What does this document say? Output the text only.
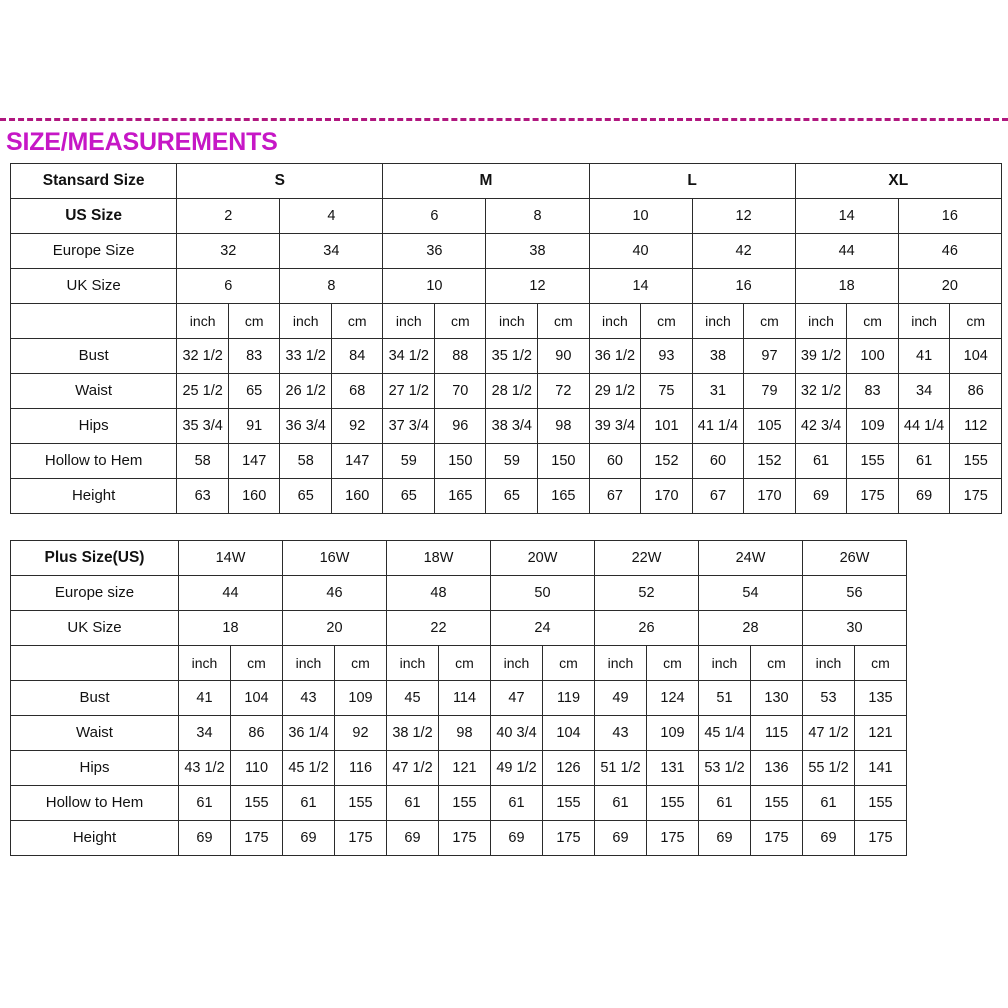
SIZE/MEASUREMENTS
Stansard Size	S				M				L				XL			
US Size	2		4		6		8		10		12		14		16	
Europe Size	32		34		36		38		40		42		44		46	
UK Size	6		8		10		12		14		16		18		20	
	inch	cm	inch	cm	inch	cm	inch	cm	inch	cm	inch	cm	inch	cm	inch	cm
Bust	32 1/2	83	33 1/2	84	34 1/2	88	35 1/2	90	36 1/2	93	38	97	39 1/2	100	41	104
Waist	25 1/2	65	26 1/2	68	27 1/2	70	28 1/2	72	29 1/2	75	31	79	32 1/2	83	34	86
Hips	35 3/4	91	36 3/4	92	37 3/4	96	38 3/4	98	39 3/4	101	41 1/4	105	42 3/4	109	44 1/4	112
Hollow to Hem	58	147	58	147	59	150	59	150	60	152	60	152	61	155	61	155
Height	63	160	65	160	65	165	65	165	67	170	67	170	69	175	69	175
Plus Size(US)	14W		16W		18W		20W		22W		24W		26W	
Europe size	44		46		48		50		52		54		56	
UK Size	18		20		22		24		26		28		30	
	inch	cm	inch	cm	inch	cm	inch	cm	inch	cm	inch	cm	inch	cm
Bust	41	104	43	109	45	114	47	119	49	124	51	130	53	135
Waist	34	86	36 1/4	92	38 1/2	98	40 3/4	104	43	109	45 1/4	115	47 1/2	121
Hips	43 1/2	110	45 1/2	116	47 1/2	121	49 1/2	126	51 1/2	131	53 1/2	136	55 1/2	141
Hollow to Hem	61	155	61	155	61	155	61	155	61	155	61	155	61	155
Height	69	175	69	175	69	175	69	175	69	175	69	175	69	175
